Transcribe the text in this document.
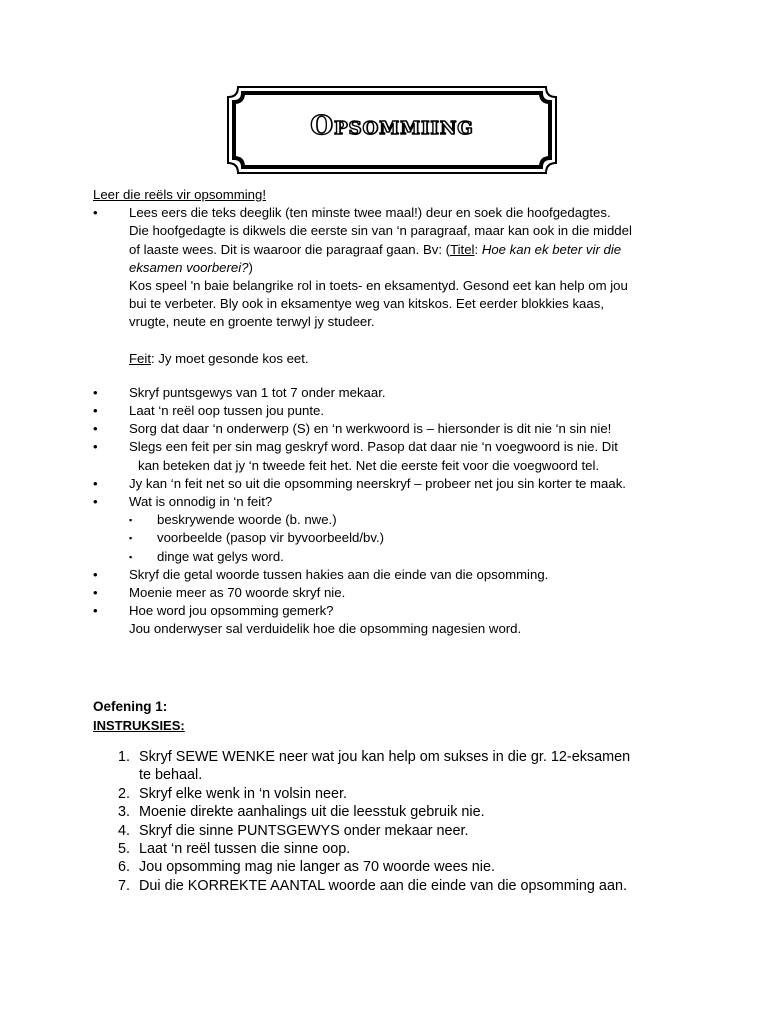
Opsommiing
Leer die reëls vir opsomming!
• Lees eers die teks deeglik (ten minste twee maal!) deur en soek die hoofgedagtes.
Die hoofgedagte is dikwels die eerste sin van ‘n paragraaf, maar kan ook in die middel
of laaste wees. Dit is waaroor die paragraaf gaan. Bv: (Titel: Hoe kan ek beter vir die
eksamen voorberei?)
Kos speel 'n baie belangrike rol in toets- en eksamentyd. Gesond eet kan help om jou
bui te verbeter. Bly ook in eksamentye weg van kitskos. Eet eerder blokkies kaas,
vrugte, neute en groente terwyl jy studeer.
Feit: Jy moet gesonde kos eet.
• Skryf puntsgewys van 1 tot 7 onder mekaar.
• Laat ‘n reël oop tussen jou punte.
• Sorg dat daar ‘n onderwerp (S) en ‘n werkwoord is – hiersonder is dit nie ‘n sin nie!
• Slegs een feit per sin mag geskryf word. Pasop dat daar nie ‘n voegwoord is nie. Dit
kan beteken dat jy ‘n tweede feit het. Net die eerste feit voor die voegwoord tel.
• Jy kan ‘n feit net so uit die opsomming neerskryf – probeer net jou sin korter te maak.
• Wat is onnodig in ‘n feit?
▪ beskrywende woorde (b. nwe.)
▪ voorbeelde (pasop vir byvoorbeeld/bv.)
▪ dinge wat gelys word.
• Skryf die getal woorde tussen hakies aan die einde van die opsomming.
• Moenie meer as 70 woorde skryf nie.
• Hoe word jou opsomming gemerk?
Jou onderwyser sal verduidelik hoe die opsomming nagesien word.
Oefening 1:
INSTRUKSIES:
1. Skryf SEWE WENKE neer wat jou kan help om sukses in die gr. 12-eksamen
te behaal.
2. Skryf elke wenk in ‘n volsin neer.
3. Moenie direkte aanhalings uit die leesstuk gebruik nie.
4. Skryf die sinne PUNTSGEWYS onder mekaar neer.
5. Laat ‘n reël tussen die sinne oop.
6. Jou opsomming mag nie langer as 70 woorde wees nie.
7. Dui die KORREKTE AANTAL woorde aan die einde van die opsomming aan.
